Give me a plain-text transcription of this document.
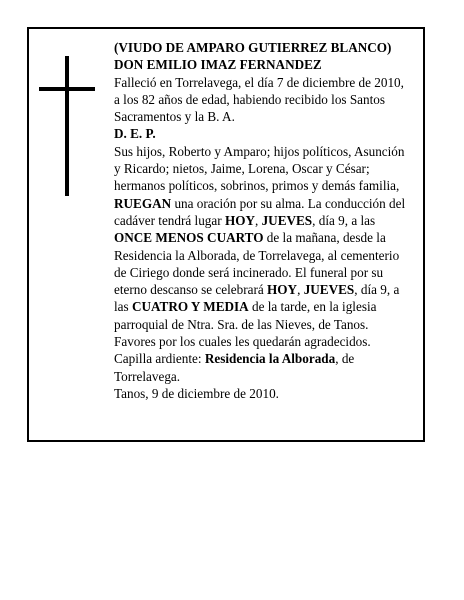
(VIUDO DE AMPARO GUTIERREZ BLANCO)
DON EMILIO IMAZ FERNANDEZ
Falleció en Torrelavega, el día 7 de diciembre de 2010,
a los 82 años de edad, habiendo recibido los Santos
Sacramentos y la B. A.
D. E. P.
Sus hijos, Roberto y Amparo; hijos políticos, Asunción
y Ricardo; nietos, Jaime, Lorena, Oscar y César;
hermanos políticos, sobrinos, primos y demás familia,
RUEGAN una oración por su alma. La conducción del
cadáver tendrá lugar HOY, JUEVES, día 9, a las
ONCE MENOS CUARTO de la mañana, desde la
Residencia la Alborada, de Torrelavega, al cementerio
de Ciriego donde será incinerado. El funeral por su
eterno descanso se celebrará HOY, JUEVES, día 9, a
las CUATRO Y MEDIA de la tarde, en la iglesia
parroquial de Ntra. Sra. de las Nieves, de Tanos.
Favores por los cuales les quedarán agradecidos.
Capilla ardiente: Residencia la Alborada, de
Torrelavega.
Tanos, 9 de diciembre de 2010.
